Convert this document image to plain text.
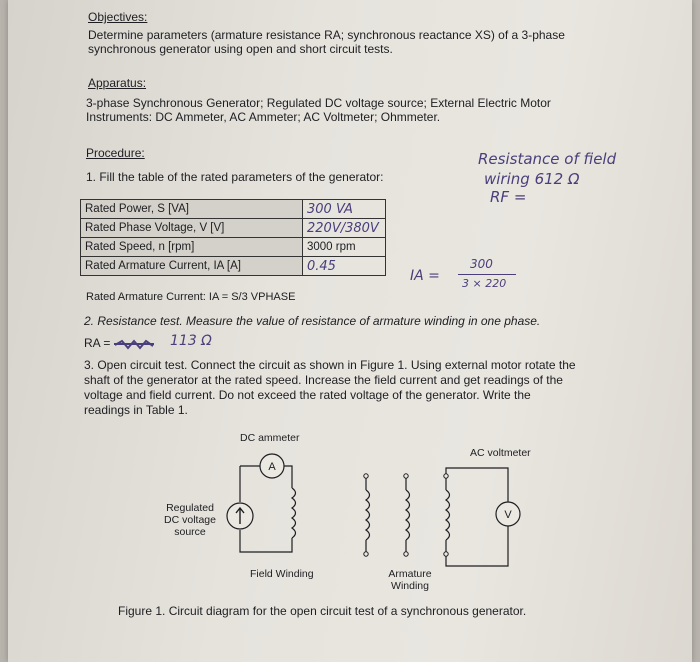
Objectives:
Determine parameters (armature resistance RA; synchronous reactance XS) of a 3-phase
synchronous generator using open and short circuit tests.
Apparatus:
3-phase Synchronous Generator; Regulated DC voltage source; External Electric Motor
Instruments: DC Ammeter, AC Ammeter; AC Voltmeter; Ohmmeter.
Procedure:
1. Fill the table of the rated parameters of the generator:
Resistance of field
wiring 612 Ω
RF =
Rated Power, S [VA]	300 VA
Rated Phase Voltage, V [V]	220V/380V
Rated Speed, n [rpm]	3000 rpm
Rated Armature Current, IA [A]	0.45
Rated Armature Current: IA = S/3 VPHASE
IA =
300
3 × 220
2. Resistance test. Measure the value of resistance of armature winding in one phase.
RA =	113 Ω
3. Open circuit test. Connect the circuit as shown in Figure 1. Using external motor rotate the
shaft of the generator at the rated speed. Increase the field current and get readings of the
voltage and field current. Do not exceed the rated voltage of the generator. Write the
readings in Table 1.
A
V
DC ammeter
AC voltmeter
Regulated
DC voltage
source
Field Winding	Armature
Winding
Figure 1. Circuit diagram for the open circuit test of a synchronous generator.
